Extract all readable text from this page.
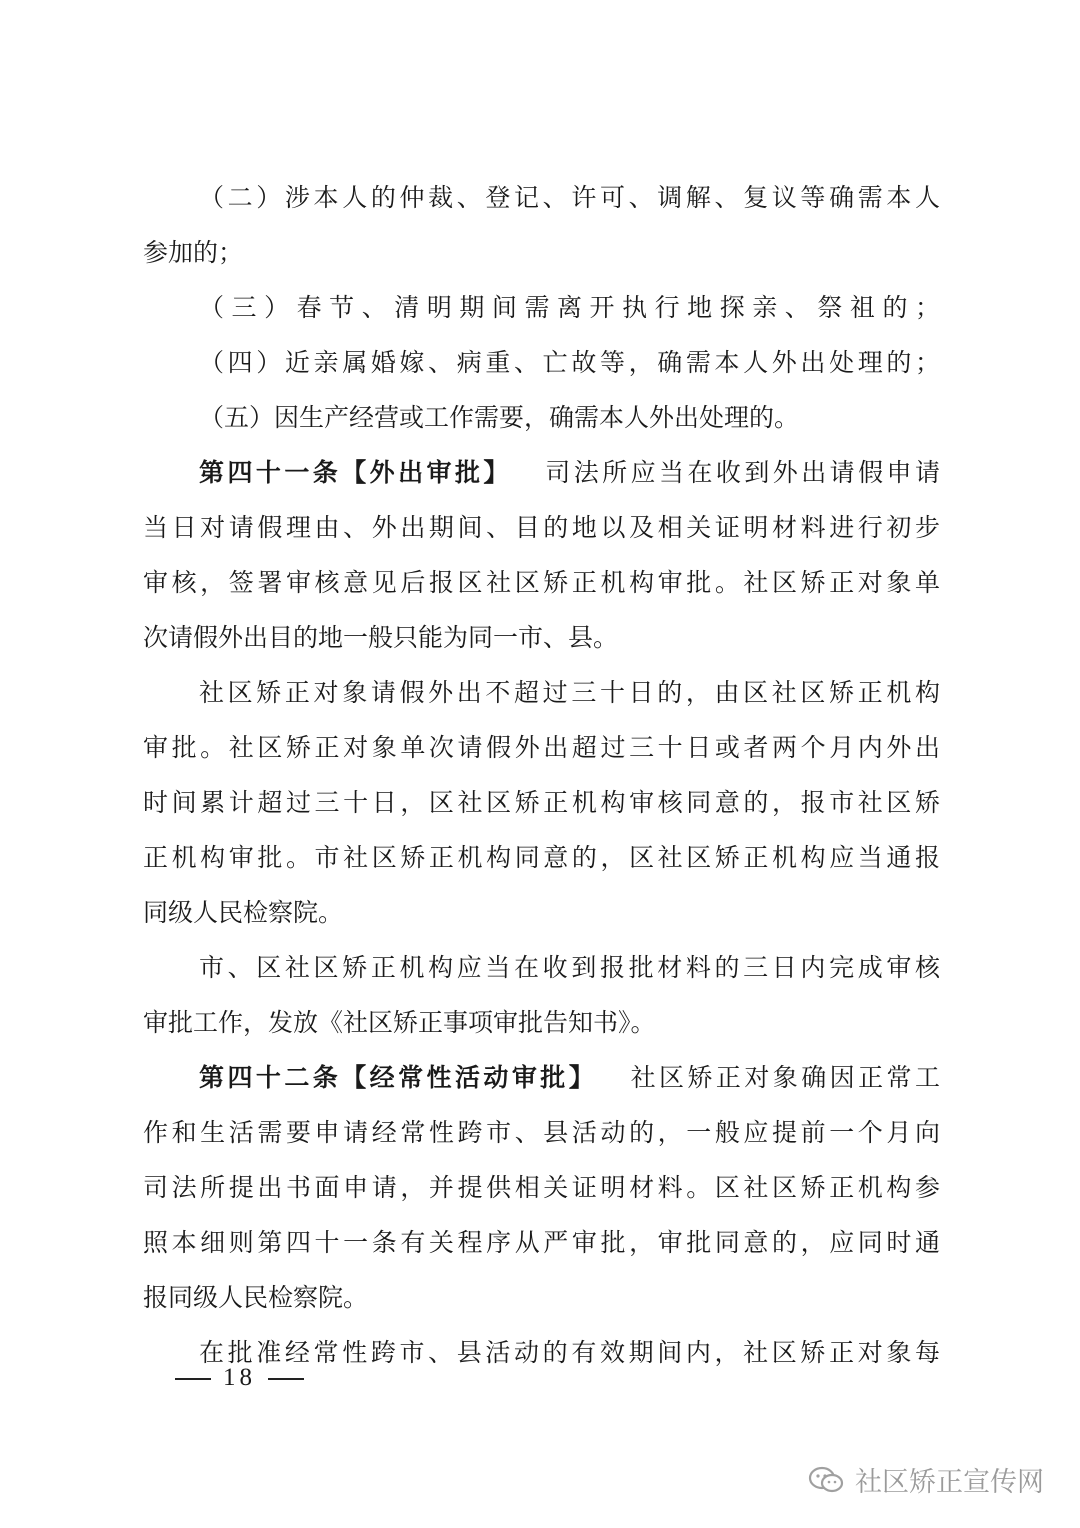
（二）涉本人的仲裁、登记、许可、调解、复议等确需本人
参加的；
（三）春节、清明期间需离开执行地探亲、祭祖的；
（四）近亲属婚嫁、病重、亡故等，确需本人外出处理的；
（五）因生产经营或工作需要，确需本人外出处理的。
第四十一条【外出审批】 司法所应当在收到外出请假申请
当日对请假理由、外出期间、目的地以及相关证明材料进行初步
审核，签署审核意见后报区社区矫正机构审批。社区矫正对象单
次请假外出目的地一般只能为同一市、县。
社区矫正对象请假外出不超过三十日的，由区社区矫正机构
审批。社区矫正对象单次请假外出超过三十日或者两个月内外出
时间累计超过三十日，区社区矫正机构审核同意的，报市社区矫
正机构审批。市社区矫正机构同意的，区社区矫正机构应当通报
同级人民检察院。
市、区社区矫正机构应当在收到报批材料的三日内完成审核
审批工作，发放《社区矫正事项审批告知书》。
第四十二条【经常性活动审批】 社区矫正对象确因正常工
作和生活需要申请经常性跨市、县活动的，一般应提前一个月向
司法所提出书面申请，并提供相关证明材料。区社区矫正机构参
照本细则第四十一条有关程序从严审批，审批同意的，应同时通
报同级人民检察院。
在批准经常性跨市、县活动的有效期间内，社区矫正对象每
18
社区矫正宣传网
